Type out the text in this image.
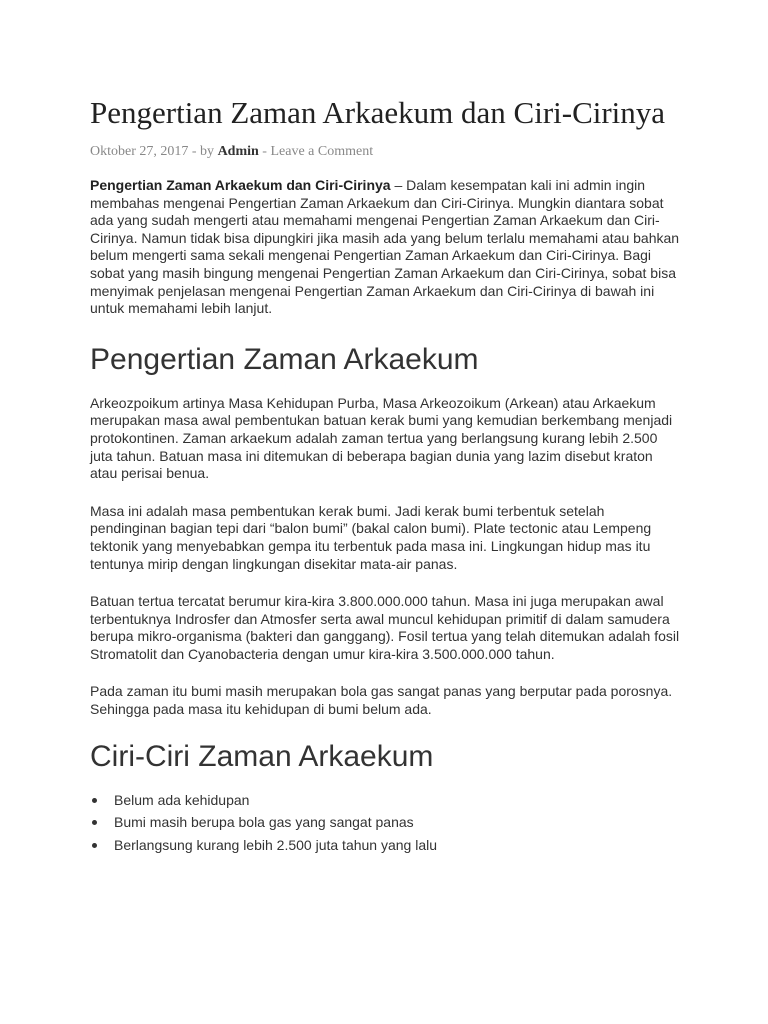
Pengertian Zaman Arkaekum dan Ciri-Cirinya
Oktober 27, 2017 - by Admin - Leave a Comment

Pengertian Zaman Arkaekum dan Ciri-Cirinya – Dalam kesempatan kali ini admin ingin membahas mengenai Pengertian Zaman Arkaekum dan Ciri-Cirinya. Mungkin diantara sobat ada yang sudah mengerti atau memahami mengenai Pengertian Zaman Arkaekum dan Ciri-Cirinya. Namun tidak bisa dipungkiri jika masih ada yang belum terlalu memahami atau bahkan belum mengerti sama sekali mengenai Pengertian Zaman Arkaekum dan Ciri-Cirinya. Bagi sobat yang masih bingung mengenai Pengertian Zaman Arkaekum dan Ciri-Cirinya, sobat bisa menyimak penjelasan mengenai Pengertian Zaman Arkaekum dan Ciri-Cirinya di bawah ini untuk memahami lebih lanjut.

Pengertian Zaman Arkaekum

Arkeozpoikum artinya Masa Kehidupan Purba, Masa Arkeozoikum (Arkean) atau Arkaekum merupakan masa awal pembentukan batuan kerak bumi yang kemudian berkembang menjadi protokontinen. Zaman arkaekum adalah zaman tertua yang berlangsung kurang lebih 2.500 juta tahun. Batuan masa ini ditemukan di beberapa bagian dunia yang lazim disebut kraton atau perisai benua.

Masa ini adalah masa pembentukan kerak bumi. Jadi kerak bumi terbentuk setelah pendinginan bagian tepi dari “balon bumi” (bakal calon bumi). Plate tectonic atau Lempeng tektonik yang menyebabkan gempa itu terbentuk pada masa ini. Lingkungan hidup mas itu tentunya mirip dengan lingkungan disekitar mata-air panas.

Batuan tertua tercatat berumur kira-kira 3.800.000.000 tahun. Masa ini juga merupakan awal terbentuknya Indrosfer dan Atmosfer serta awal muncul kehidupan primitif di dalam samudera berupa mikro-organisma (bakteri dan ganggang). Fosil tertua yang telah ditemukan adalah fosil Stromatolit dan Cyanobacteria dengan umur kira-kira 3.500.000.000 tahun.

Pada zaman itu bumi masih merupakan bola gas sangat panas yang berputar pada porosnya. Sehingga pada masa itu kehidupan di bumi belum ada.

Ciri-Ciri Zaman Arkaekum
Belum ada kehidupan
Bumi masih berupa bola gas yang sangat panas
Berlangsung kurang lebih 2.500 juta tahun yang lalu
